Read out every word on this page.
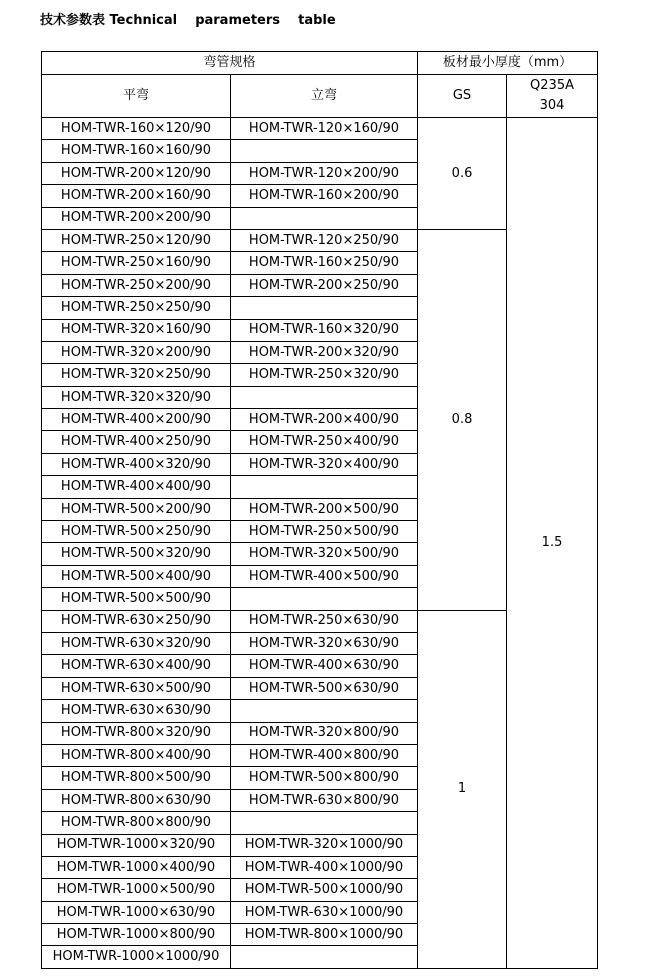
技术参数表 Technical    parameters    table
弯管规格		板材最小厚度（mm）	
平弯	立弯	GS	Q235A
304

HOM-TWR-160×120/90	HOM-TWR-120×160/90	0.6	1.5
HOM-TWR-160×160/90			
HOM-TWR-200×120/90	HOM-TWR-120×200/90		
HOM-TWR-200×160/90	HOM-TWR-160×200/90		
HOM-TWR-200×200/90			
HOM-TWR-250×120/90	HOM-TWR-120×250/90	0.8	
HOM-TWR-250×160/90	HOM-TWR-160×250/90		
HOM-TWR-250×200/90	HOM-TWR-200×250/90		
HOM-TWR-250×250/90			
HOM-TWR-320×160/90	HOM-TWR-160×320/90		
HOM-TWR-320×200/90	HOM-TWR-200×320/90		
HOM-TWR-320×250/90	HOM-TWR-250×320/90		
HOM-TWR-320×320/90			
HOM-TWR-400×200/90	HOM-TWR-200×400/90		
HOM-TWR-400×250/90	HOM-TWR-250×400/90		
HOM-TWR-400×320/90	HOM-TWR-320×400/90		
HOM-TWR-400×400/90			
HOM-TWR-500×200/90	HOM-TWR-200×500/90		
HOM-TWR-500×250/90	HOM-TWR-250×500/90		
HOM-TWR-500×320/90	HOM-TWR-320×500/90		
HOM-TWR-500×400/90	HOM-TWR-400×500/90		
HOM-TWR-500×500/90			
HOM-TWR-630×250/90	HOM-TWR-250×630/90	1	
HOM-TWR-630×320/90	HOM-TWR-320×630/90		
HOM-TWR-630×400/90	HOM-TWR-400×630/90		
HOM-TWR-630×500/90	HOM-TWR-500×630/90		
HOM-TWR-630×630/90			
HOM-TWR-800×320/90	HOM-TWR-320×800/90		
HOM-TWR-800×400/90	HOM-TWR-400×800/90		
HOM-TWR-800×500/90	HOM-TWR-500×800/90		
HOM-TWR-800×630/90	HOM-TWR-630×800/90		
HOM-TWR-800×800/90			
HOM-TWR-1000×320/90	HOM-TWR-320×1000/90		
HOM-TWR-1000×400/90	HOM-TWR-400×1000/90		
HOM-TWR-1000×500/90	HOM-TWR-500×1000/90		
HOM-TWR-1000×630/90	HOM-TWR-630×1000/90		
HOM-TWR-1000×800/90	HOM-TWR-800×1000/90		
HOM-TWR-1000×1000/90			
